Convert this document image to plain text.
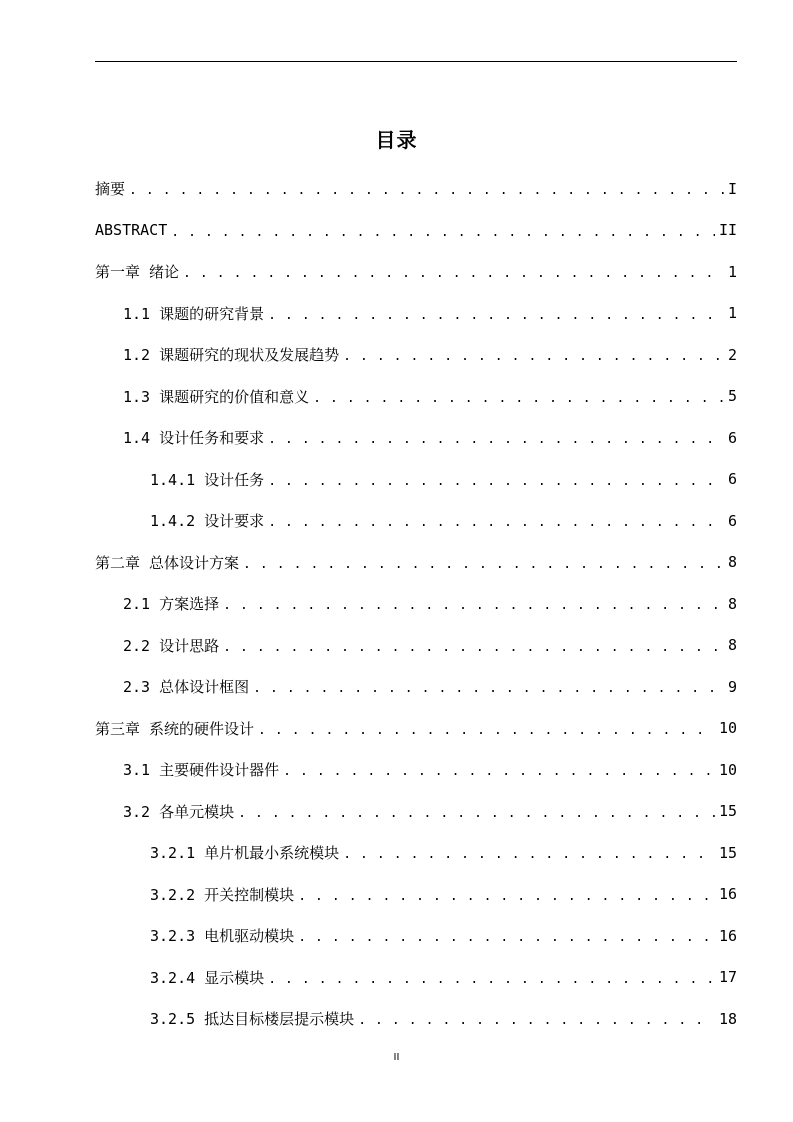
目录
摘要 . . .	I
ABSTRACT . . .	II
第一章 绪论 . . .	1
1.1 课题的研究背景 . . .	1
1.2 课题研究的现状及发展趋势 . . .	2
1.3 课题研究的价值和意义 . . .	5
1.4 设计任务和要求 . . .	6
1.4.1 设计任务 . . .	6
1.4.2 设计要求 . . .	6
第二章 总体设计方案 . . .	8
2.1 方案选择 . . .	8
2.2 设计思路 . . .	8
2.3 总体设计框图 . . .	9
第三章 系统的硬件设计 . . .	10
3.1 主要硬件设计器件 . . .	10
3.2 各单元模块 . . .	15
3.2.1 单片机最小系统模块 . . .	15
3.2.2 开关控制模块 . . .	16
3.2.3 电机驱动模块 . . .	16
3.2.4 显示模块 . . .	17
3.2.5 抵达目标楼层提示模块 . . .	18
II
